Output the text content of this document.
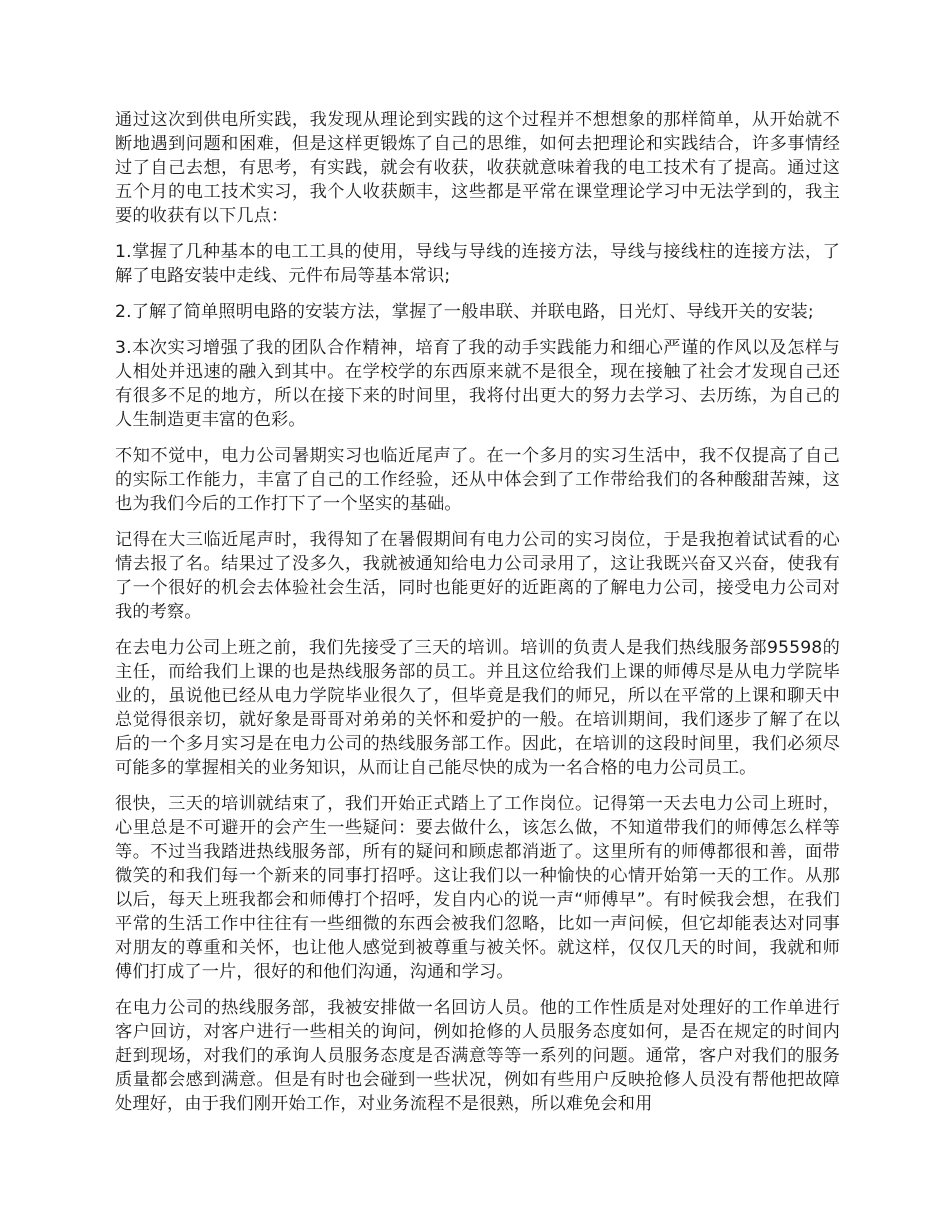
通过这次到供电所实践，我发现从理论到实践的这个过程并不想想象的那样简单，从开始就不断地遇到问题和困难，但是这样更锻炼了自己的思维，如何去把理论和实践结合，许多事情经过了自己去想，有思考，有实践，就会有收获，收获就意味着我的电工技术有了提高。通过这五个月的电工技术实习，我个人收获颇丰，这些都是平常在课堂理论学习中无法学到的，我主要的收获有以下几点：

1.掌握了几种基本的电工工具的使用，导线与导线的连接方法，导线与接线柱的连接方法，了解了电路安装中走线、元件布局等基本常识;

2.了解了简单照明电路的安装方法，掌握了一般串联、并联电路，日光灯、导线开关的安装;

3.本次实习增强了我的团队合作精神，培育了我的动手实践能力和细心严谨的作风以及怎样与人相处并迅速的融入到其中。在学校学的东西原来就不是很全，现在接触了社会才发现自己还有很多不足的地方，所以在接下来的时间里，我将付出更大的努力去学习、去历练，为自己的人生制造更丰富的色彩。

不知不觉中，电力公司暑期实习也临近尾声了。在一个多月的实习生活中，我不仅提高了自己的实际工作能力，丰富了自己的工作经验，还从中体会到了工作带给我们的各种酸甜苦辣，这也为我们今后的工作打下了一个坚实的基础。

记得在大三临近尾声时，我得知了在暑假期间有电力公司的实习岗位，于是我抱着试试看的心情去报了名。结果过了没多久，我就被通知给电力公司录用了，这让我既兴奋又兴奋，使我有了一个很好的机会去体验社会生活，同时也能更好的近距离的了解电力公司，接受电力公司对我的考察。

在去电力公司上班之前，我们先接受了三天的培训。培训的负责人是我们热线服务部95598的主任，而给我们上课的也是热线服务部的员工。并且这位给我们上课的师傅尽是从电力学院毕业的，虽说他已经从电力学院毕业很久了，但毕竟是我们的师兄，所以在平常的上课和聊天中总觉得很亲切，就好象是哥哥对弟弟的关怀和爱护的一般。在培训期间，我们逐步了解了在以后的一个多月实习是在电力公司的热线服务部工作。因此，在培训的这段时间里，我们必须尽可能多的掌握相关的业务知识，从而让自己能尽快的成为一名合格的电力公司员工。

很快，三天的培训就结束了，我们开始正式踏上了工作岗位。记得第一天去电力公司上班时，心里总是不可避开的会产生一些疑问：要去做什么，该怎么做，不知道带我们的师傅怎么样等等。不过当我踏进热线服务部，所有的疑问和顾虑都消逝了。这里所有的师傅都很和善，面带微笑的和我们每一个新来的同事打招呼。这让我们以一种愉快的心情开始第一天的工作。从那以后，每天上班我都会和师傅打个招呼，发自内心的说一声“师傅早”。有时候我会想，在我们平常的生活工作中往往有一些细微的东西会被我们忽略，比如一声问候，但它却能表达对同事对朋友的尊重和关怀，也让他人感觉到被尊重与被关怀。就这样，仅仅几天的时间，我就和师傅们打成了一片，很好的和他们沟通，沟通和学习。

在电力公司的热线服务部，我被安排做一名回访人员。他的工作性质是对处理好的工作单进行客户回访，对客户进行一些相关的询问，例如抢修的人员服务态度如何，是否在规定的时间内赶到现场，对我们的承询人员服务态度是否满意等等一系列的问题。通常，客户对我们的服务质量都会感到满意。但是有时也会碰到一些状况，例如有些用户反映抢修人员没有帮他把故障处理好，由于我们刚开始工作，对业务流程不是很熟，所以难免会和用
